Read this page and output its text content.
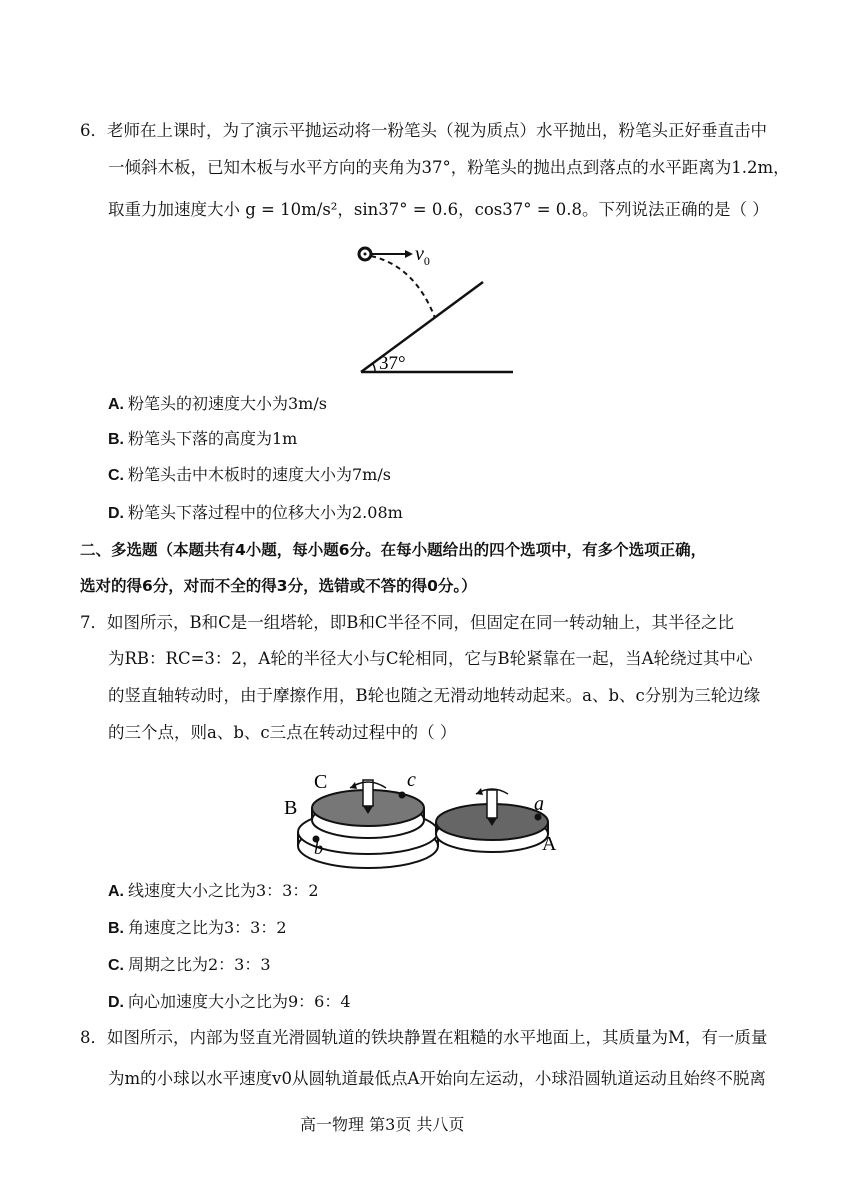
6．老师在上课时，为了演示平抛运动将一粉笔头（视为质点）水平抛出，粉笔头正好垂直击中
一倾斜木板，已知木板与水平方向的夹角为37°，粉笔头的抛出点到落点的水平距离为1.2m，
取重力加速度大小 g = 10m/s²，sin37° = 0.6，cos37° = 0.8。下列说法正确的是（ ）
$v_0$
37°
A. 粉笔头的初速度大小为3m/s
B. 粉笔头下落的高度为1m
C. 粉笔头击中木板时的速度大小为7m/s
D. 粉笔头下落过程中的位移大小为2.08m
二、多选题（本题共有4小题，每小题6分。在每小题给出的四个选项中，有多个选项正确，
选对的得6分，对而不全的得3分，选错或不答的得0分。）
7．如图所示，B和C是一组塔轮，即B和C半径不同，但固定在同一转动轴上，其半径之比
为RB：RC=3：2，A轮的半径大小与C轮相同，它与B轮紧靠在一起，当A轮绕过其中心
的竖直轴转动时，由于摩擦作用，B轮也随之无滑动地转动起来。a、b、c分别为三轮边缘
的三个点，则a、b、c三点在转动过程中的（ ）
C	c
B
b
a
A
A. 线速度大小之比为3：3：2
B. 角速度之比为3：3：2
C. 周期之比为2：3：3
D. 向心加速度大小之比为9：6：4
8．如图所示，内部为竖直光滑圆轨道的铁块静置在粗糙的水平地面上，其质量为M，有一质量
为m的小球以水平速度v0从圆轨道最低点A开始向左运动，小球沿圆轨道运动且始终不脱离
高一物理 第3页 共八页
